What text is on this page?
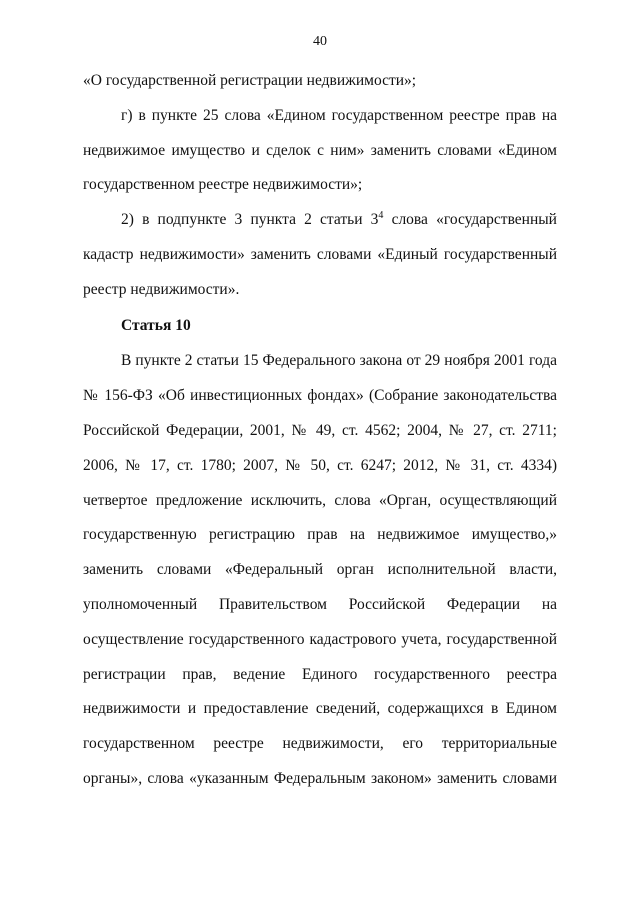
40

«О государственной регистрации недвижимости»;

г) в пункте 25 слова «Едином государственном реестре прав на недвижимое имущество и сделок с ним» заменить словами «Едином государственном реестре недвижимости»;

2) в подпункте 3 пункта 2 статьи $3^4$ слова «государственный кадастр недвижимости» заменить словами «Единый государственный реестр недвижимости».

Статья 10

В пункте 2 статьи 15 Федерального закона от 29 ноября 2001 года № 156-ФЗ «Об инвестиционных фондах» (Собрание законодательства Российской Федерации, 2001, № 49, ст. 4562; 2004, № 27, ст. 2711; 2006, № 17, ст. 1780; 2007, № 50, ст. 6247; 2012, № 31, ст. 4334) четвертое предложение исключить, слова «Орган, осуществляющий государственную регистрацию прав на недвижимое имущество,» заменить словами «Федеральный орган исполнительной власти, уполномоченный Правительством Российской Федерации на осуществление государственного кадастрового учета, государственной регистрации прав, ведение Единого государственного реестра недвижимости и предоставление сведений, содержащихся в Едином государственном реестре недвижимости, его территориальные органы», слова «указанным Федеральным законом» заменить словами
